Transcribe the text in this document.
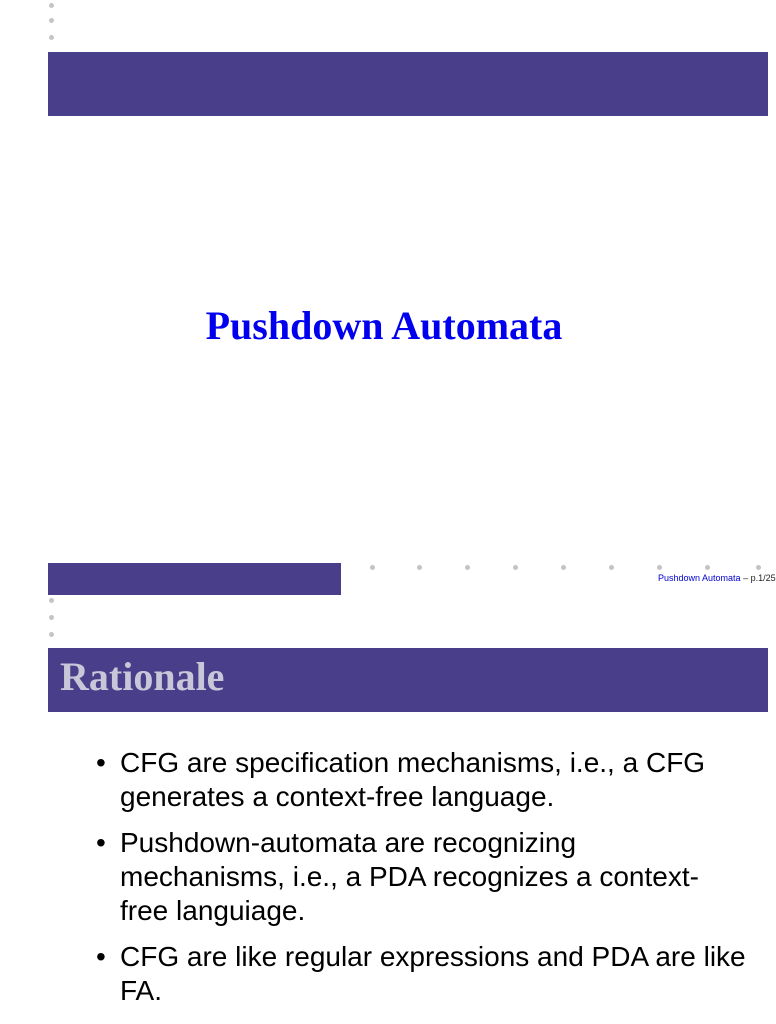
Pushdown Automata
Pushdown Automata – p.1/25
Rationale
• CFG are specification mechanisms, i.e., a CFG generates a context-free language.
• Pushdown-automata are recognizing mechanisms, i.e., a PDA recognizes a context-free languiage.
• CFG are like regular expressions and PDA are like FA.
